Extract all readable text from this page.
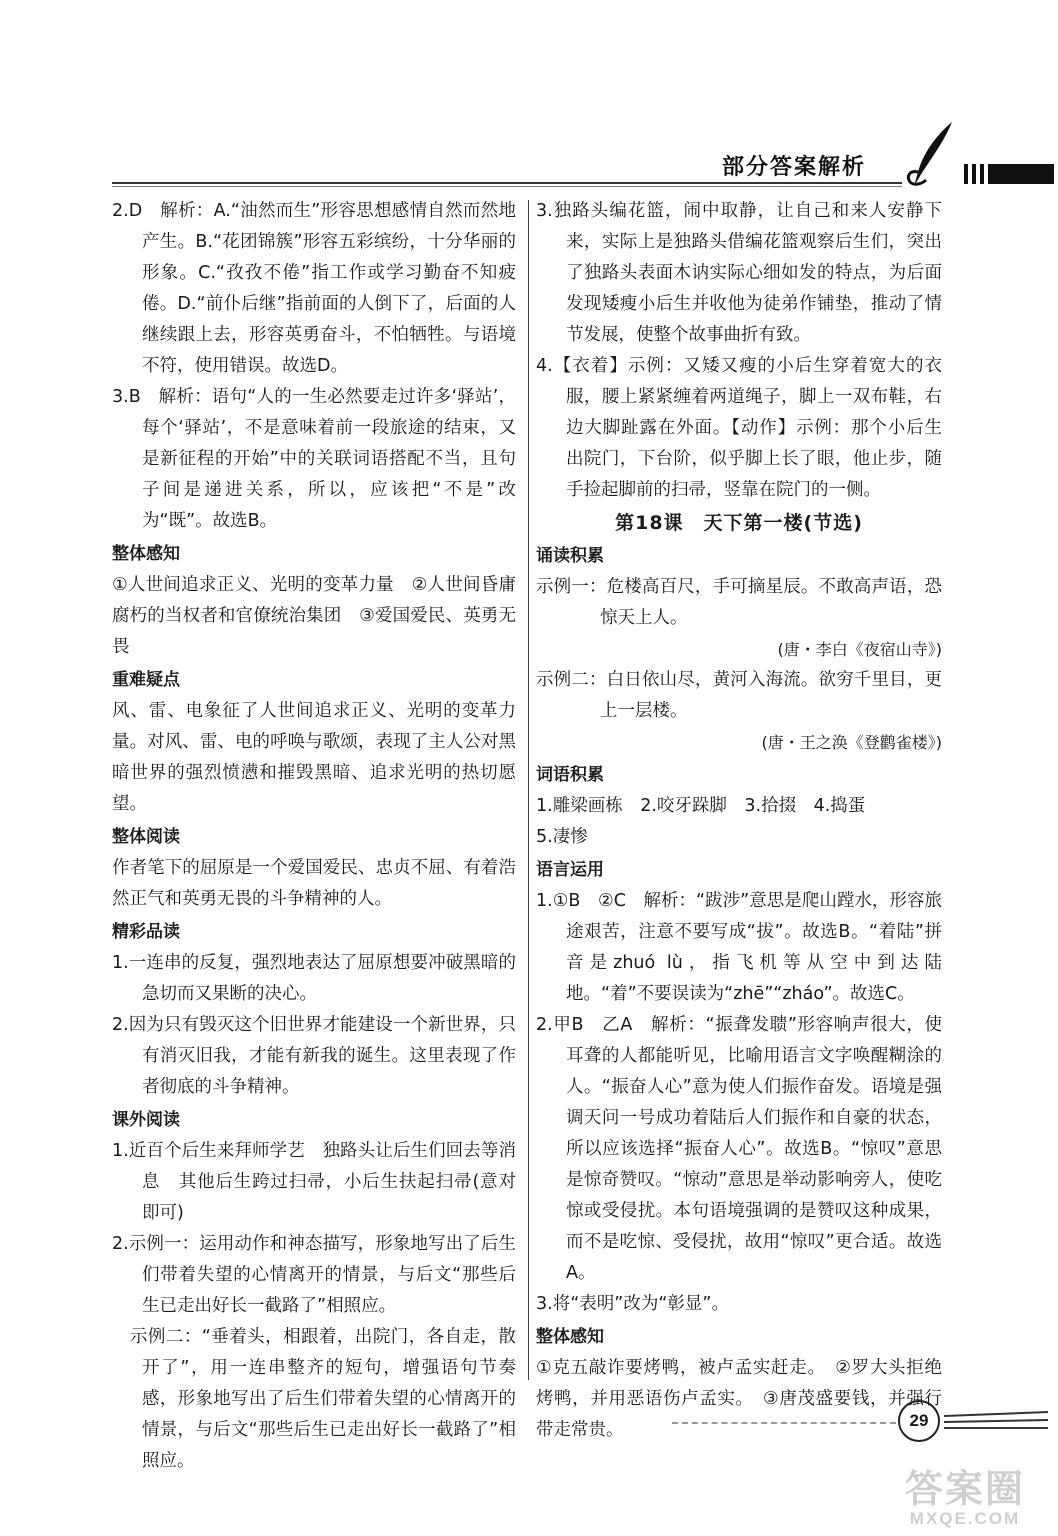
部分答案解析

2.D　解析：A.“油然而生”形容思想感情自然而然地产生。B.“花团锦簇”形容五彩缤纷，十分华丽的形象。C.“孜孜不倦”指工作或学习勤奋不知疲倦。D.“前仆后继”指前面的人倒下了，后面的人继续跟上去，形容英勇奋斗，不怕牺牲。与语境不符，使用错误。故选D。

3.B　解析：语句“人的一生必然要走过许多‘驿站’，每个‘驿站’，不是意味着前一段旅途的结束，又是新征程的开始”中的关联词语搭配不当，且句子间是递进关系，所以，应该把“不是”改为“既”。故选B。

整体感知

①人世间追求正义、光明的变革力量　②人世间昏庸腐朽的当权者和官僚统治集团　③爱国爱民、英勇无畏

重难疑点

风、雷、电象征了人世间追求正义、光明的变革力量。对风、雷、电的呼唤与歌颂，表现了主人公对黑暗世界的强烈愤懑和摧毁黑暗、追求光明的热切愿望。

整体阅读

作者笔下的屈原是一个爱国爱民、忠贞不屈、有着浩然正气和英勇无畏的斗争精神的人。

精彩品读

1.一连串的反复，强烈地表达了屈原想要冲破黑暗的急切而又果断的决心。

2.因为只有毁灭这个旧世界才能建设一个新世界，只有消灭旧我，才能有新我的诞生。这里表现了作者彻底的斗争精神。

课外阅读

1.近百个后生来拜师学艺　独路头让后生们回去等消息　其他后生跨过扫帚，小后生扶起扫帚(意对即可)

2.示例一：运用动作和神态描写，形象地写出了后生们带着失望的心情离开的情景，与后文“那些后生已走出好长一截路了”相照应。

　示例二：“垂着头，相跟着，出院门，各自走，散开了”，用一连串整齐的短句，增强语句节奏感，形象地写出了后生们带着失望的心情离开的情景，与后文“那些后生已走出好长一截路了”相照应。

3.独路头编花篮，闹中取静，让自己和来人安静下来，实际上是独路头借编花篮观察后生们，突出了独路头表面木讷实际心细如发的特点，为后面发现矮瘦小后生并收他为徒弟作铺垫，推动了情节发展，使整个故事曲折有致。

4.【衣着】示例：又矮又瘦的小后生穿着宽大的衣服，腰上紧紧缠着两道绳子，脚上一双布鞋，右边大脚趾露在外面。【动作】示例：那个小后生出院门，下台阶，似乎脚上长了眼，他止步，随手捡起脚前的扫帚，竖靠在院门的一侧。

第18课　天下第一楼(节选)

诵读积累

示例一：危楼高百尺，手可摘星辰。不敢高声语，恐惊天上人。

(唐・李白《夜宿山寺》)

示例二：白日依山尽，黄河入海流。欲穷千里目，更上一层楼。

(唐・王之涣《登鹳雀楼》)

词语积累

1.雕梁画栋　2.咬牙跺脚　3.拾掇　4.捣蛋

5.凄惨

语言运用

1.①B　②C　解析：“跋涉”意思是爬山蹚水，形容旅途艰苦，注意不要写成“拔”。故选B。“着陆”拼音是zhuó lù，指飞机等从空中到达陆地。“着”不要误读为“zhē”“zháo”。故选C。

2.甲B　乙A　解析：“振聋发聩”形容响声很大，使耳聋的人都能听见，比喻用语言文字唤醒糊涂的人。“振奋人心”意为使人们振作奋发。语境是强调天问一号成功着陆后人们振作和自豪的状态，所以应该选择“振奋人心”。故选B。“惊叹”意思是惊奇赞叹。“惊动”意思是举动影响旁人，使吃惊或受侵扰。本句语境强调的是赞叹这种成果，而不是吃惊、受侵扰，故用“惊叹”更合适。故选A。

3.将“表明”改为“彰显”。

整体感知

①克五敲诈要烤鸭，被卢孟实赶走。　②罗大头拒绝烤鸭，并用恶语伤卢孟实。　③唐茂盛要钱，并强行带走常贵。	29
答案圈
MXQE.COM
